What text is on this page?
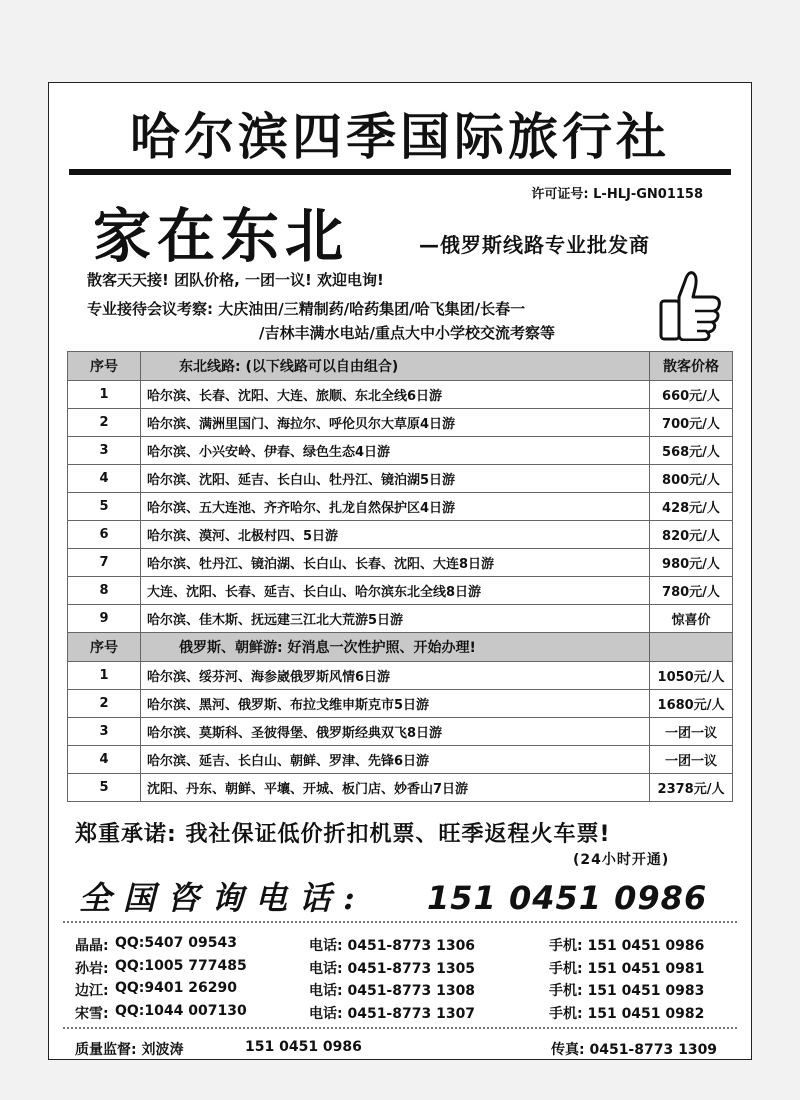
哈尔滨四季国际旅行社
许可证号: L-HLJ-GN01158
家在东北	—俄罗斯线路专业批发商
散客天天接! 团队价格, 一团一议! 欢迎电询!
专业接待会议考察: 大庆油田/三精制药/哈药集团/哈飞集团/长春一
/吉林丰满水电站/重点大中小学校交流考察等
序号	东北线路: (以下线路可以自由组合)	散客价格
1	哈尔滨、长春、沈阳、大连、旅顺、东北全线6日游	660元/人
2	哈尔滨、满洲里国门、海拉尔、呼伦贝尔大草原4日游	700元/人
3	哈尔滨、小兴安岭、伊春、绿色生态4日游	568元/人
4	哈尔滨、沈阳、延吉、长白山、牡丹江、镜泊湖5日游	800元/人
5	哈尔滨、五大连池、齐齐哈尔、扎龙自然保护区4日游	428元/人
6	哈尔滨、漠河、北极村四、5日游	820元/人
7	哈尔滨、牡丹江、镜泊湖、长白山、长春、沈阳、大连8日游	980元/人
8	大连、沈阳、长春、延吉、长白山、哈尔滨东北全线8日游	780元/人
9	哈尔滨、佳木斯、抚远建三江北大荒游5日游	惊喜价
序号	俄罗斯、朝鲜游: 好消息一次性护照、开始办理!	
1	哈尔滨、绥芬河、海参崴俄罗斯风情6日游	1050元/人
2	哈尔滨、黑河、俄罗斯、布拉戈维申斯克市5日游	1680元/人
3	哈尔滨、莫斯科、圣彼得堡、俄罗斯经典双飞8日游	一团一议
4	哈尔滨、延吉、长白山、朝鲜、罗津、先锋6日游	一团一议
5	沈阳、丹东、朝鲜、平壤、开城、板门店、妙香山7日游	2378元/人
郑重承诺: 我社保证低价折扣机票、旺季返程火车票!
(24小时开通)
全国咨询电话: 151 0451 0986
晶晶: QQ:5407 09543	电话: 0451-8773 1306	手机: 151 0451 0986
孙岩: QQ:1005 777485	电话: 0451-8773 1305	手机: 151 0451 0981
边江: QQ:9401 26290	电话: 0451-8773 1308	手机: 151 0451 0983
宋雪: QQ:1044 007130	电话: 0451-8773 1307	手机: 151 0451 0982
质量监督: 刘波涛	151 0451 0986	传真: 0451-8773 1309
